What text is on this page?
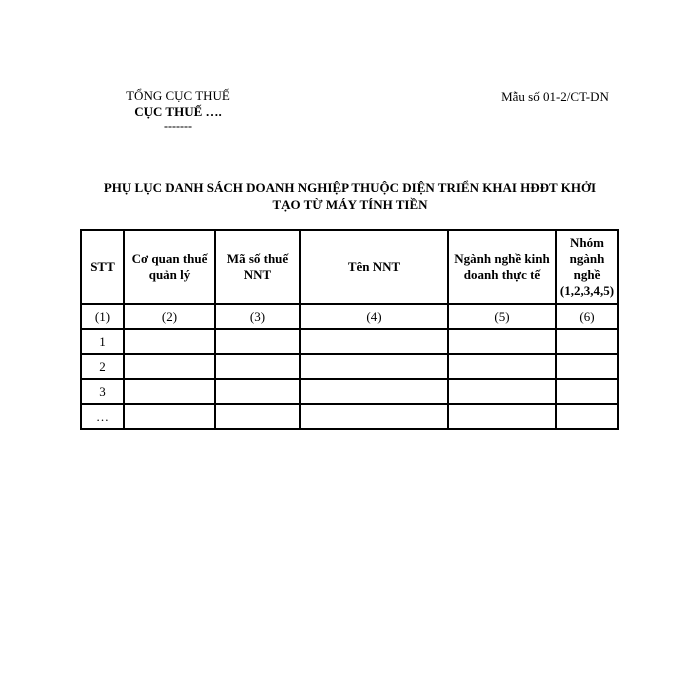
TỔNG CỤC THUẾ
CỤC THUẾ ….
-------
Mẫu số 01-2/CT-DN
PHỤ LỤC DANH SÁCH DOANH NGHIỆP THUỘC DIỆN TRIỂN KHAI HĐĐT KHỞI
TẠO TỪ MÁY TÍNH TIỀN
STT	Cơ quan thuế quản lý	Mã số thuế NNT	Tên NNT	Ngành nghề kinh doanh thực tế	Nhóm ngành nghề (1,2,3,4,5)
(1)	(2)	(3)	(4)	(5)	(6)
1					
2					
3					
…					
